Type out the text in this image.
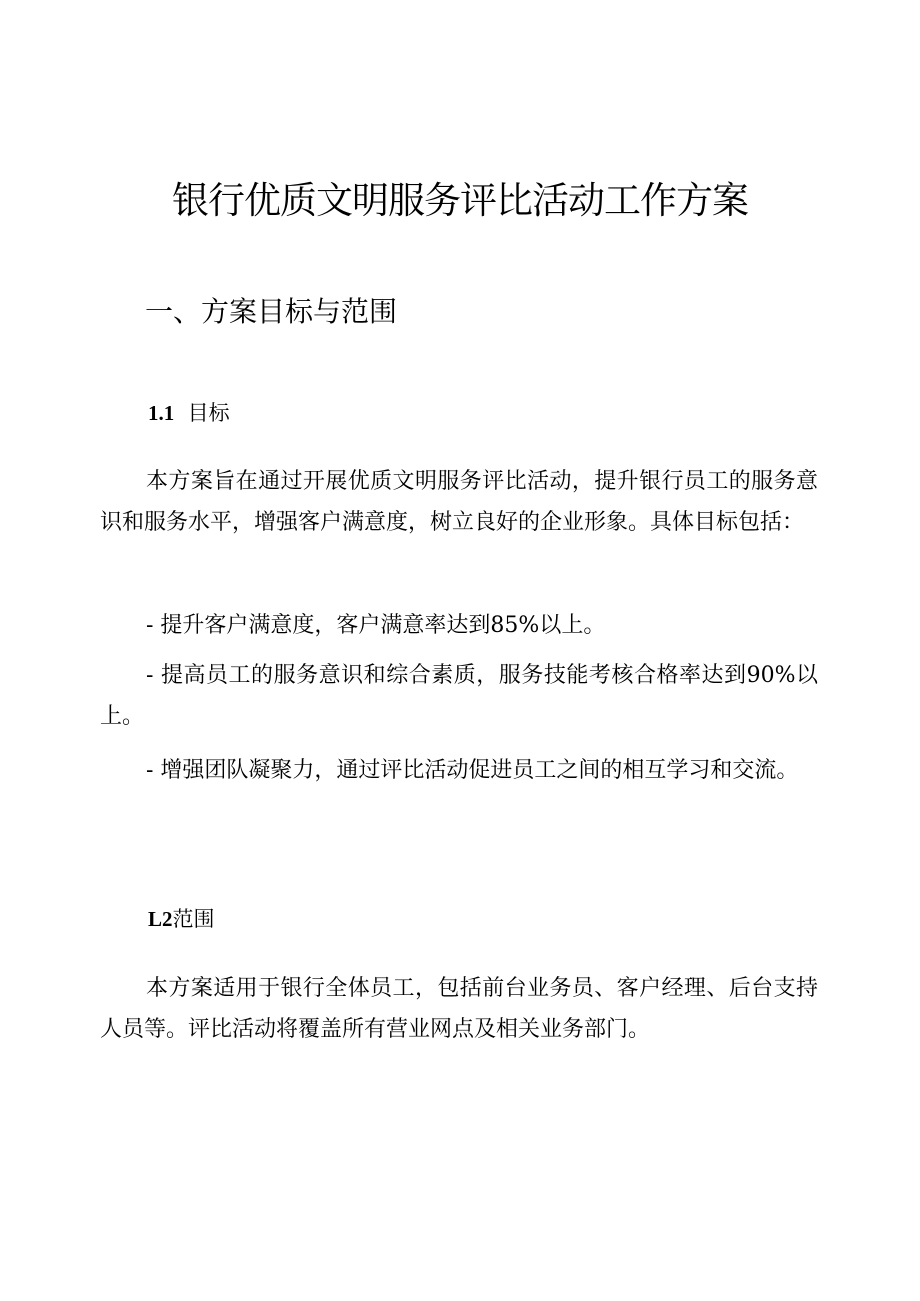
银行优质文明服务评比活动工作方案
一、方案目标与范围
1.1 目标

本方案旨在通过开展优质文明服务评比活动，提升银行员工的服务意识和服务水平，增强客户满意度，树立良好的企业形象。具体目标包括：

- 提升客户满意度，客户满意率达到85%以上。

- 提高员工的服务意识和综合素质，服务技能考核合格率达到90%以上。

- 增强团队凝聚力，通过评比活动促进员工之间的相互学习和交流。

L2范围

本方案适用于银行全体员工，包括前台业务员、客户经理、后台支持人员等。评比活动将覆盖所有营业网点及相关业务部门。
